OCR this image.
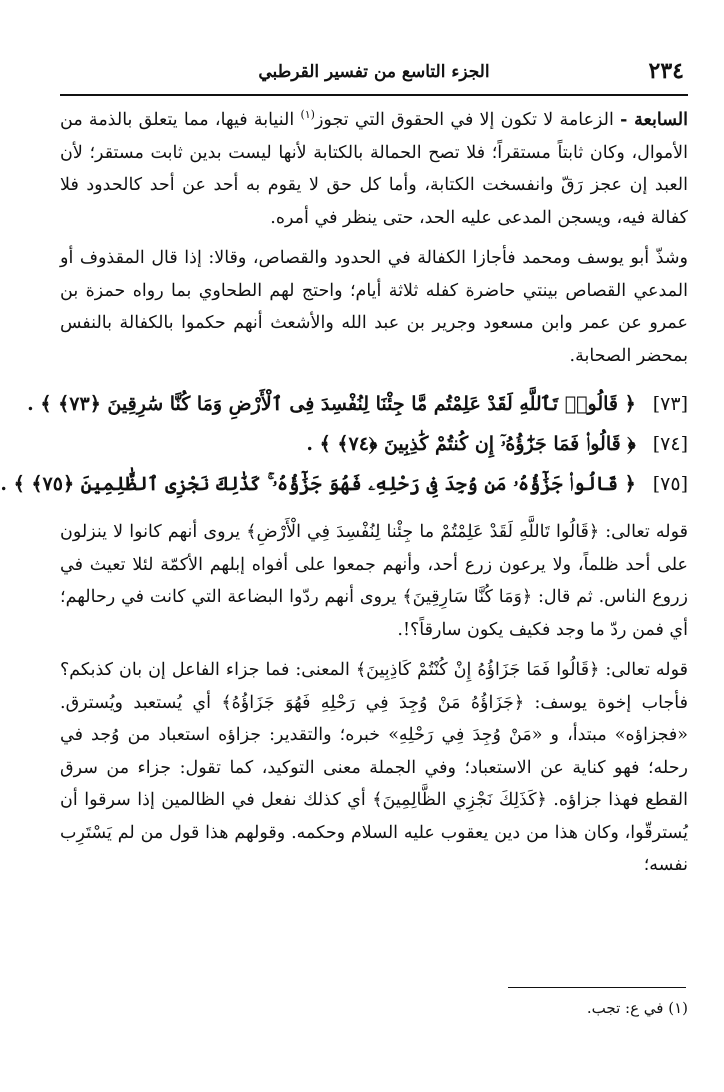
٢٣٤
الجزء التاسع من تفسير القرطبي

السابعة - الزعامة لا تكون إلا في الحقوق التي تجوز$^{(١)}$ النيابة فيها، مما يتعلق بالذمة من الأموال، وكان ثابتاً مستقراً؛ فلا تصح الحمالة بالكتابة لأنها ليست بدين ثابت مستقر؛ لأن العبد إن عجز رَقّ وانفسخت الكتابة، وأما كل حق لا يقوم به أحد عن أحد كالحدود فلا كفالة فيه، ويسجن المدعى عليه الحد، حتى ينظر في أمره.

وشذّ أبو يوسف ومحمد فأجازا الكفالة في الحدود والقصاص، وقالا: إذا قال المقذوف أو المدعي القصاص بينتي حاضرة كفله ثلاثة أيام؛ واحتج لهم الطحاوي بما رواه حمزة بن عمرو عن عمر وابن مسعود وجرير بن عبد الله والأشعث أنهم حكموا بالكفالة بالنفس بمحضر الصحابة.

[٧٣]﴿ قَالُوا۟ تَٱللَّهِ لَقَدْ عَلِمْتُم مَّا جِئْنَا لِنُفْسِدَ فِى ٱلْأَرْضِ وَمَا كُنَّا سَٰرِقِينَ ﴿٧٣﴾ ﴾ .
[٧٤]﴿ قَالُوا۟ فَمَا جَزَٰٓؤُهُۥٓ إِن كُنتُمْ كَٰذِبِينَ ﴿٧٤﴾ ﴾ .
[٧٥]﴿ قَالُوا۟ جَزَٰٓؤُهُۥ مَن وُجِدَ فِى رَحْلِهِۦ فَهُوَ جَزَٰٓؤُهُۥ ۚ كَذَٰلِكَ نَجْزِى ٱلظَّٰلِمِينَ ﴿٧٥﴾ ﴾ .

قوله تعالى: ﴿قَالُوا تَاللَّهِ لَقَدْ عَلِمْتُمْ ما جِئْنا لِنُفْسِدَ فِي الْأَرْضِ﴾ يروى أنهم كانوا لا ينزلون على أحد ظلماً، ولا يرعون زرع أحد، وأنهم جمعوا على أفواه إبلهم الأكمّة لئلا تعيث في زروع الناس. ثم قال: ﴿وَمَا كُنَّا سَارِقِينَ﴾ يروى أنهم ردّوا البضاعة التي كانت في رحالهم؛ أي فمن ردّ ما وجد فكيف يكون سارقاً؟!.

قوله تعالى: ﴿قَالُوا فَمَا جَزَاؤُهُ إِنْ كُنْتُمْ كَاذِبِينَ﴾ المعنى: فما جزاء الفاعل إن بان كذبكم؟ فأجاب إخوة يوسف: ﴿جَزَاؤُهُ مَنْ وُجِدَ فِي رَحْلِهِ فَهُوَ جَزَاؤُهُ﴾ أي يُستعبد ويُسترق. «فجزاؤه» مبتدأ، و «مَنْ وُجِدَ فِي رَحْلِهِ» خبره؛ والتقدير: جزاؤه استعباد من وُجد في رحله؛ فهو كناية عن الاستعباد؛ وفي الجملة معنى التوكيد، كما تقول: جزاء من سرق القطع فهذا جزاؤه. ﴿كَذَلِكَ نَجْزِي الظَّالِمِينَ﴾ أي كذلك نفعل في الظالمين إذا سرقوا أن يُسترقّوا، وكان هذا من دين يعقوب عليه السلام وحكمه. وقولهم هذا قول من لم يَسْتَرِب نفسه؛

(١) في ع: تجب.
